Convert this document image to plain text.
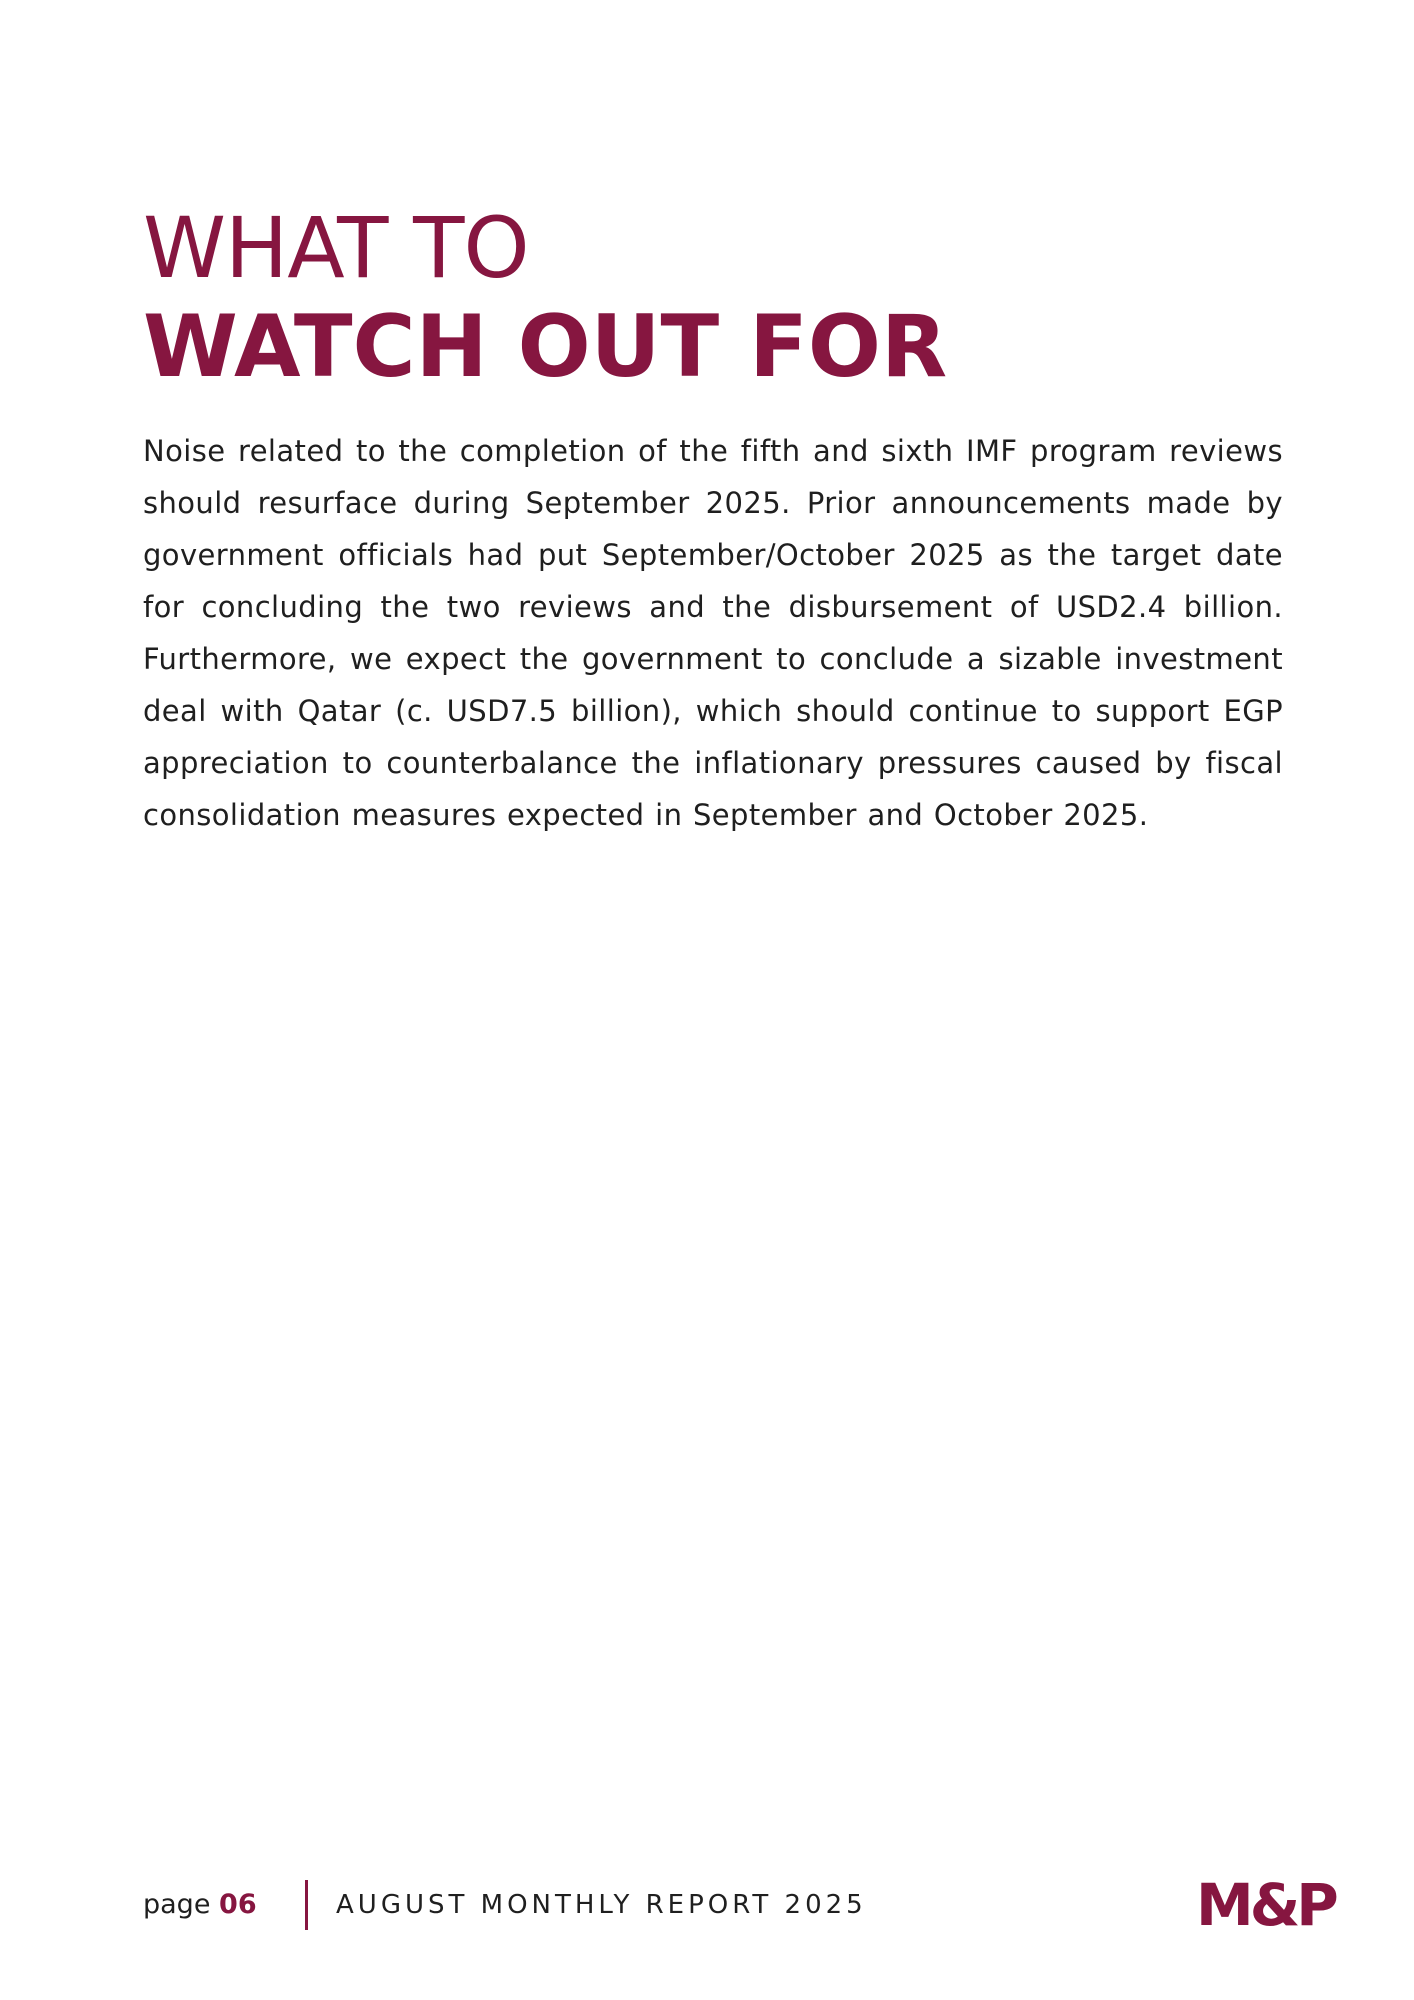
WHAT TO
WATCH OUT FOR

Noise related to the completion of the fifth and sixth IMF program reviews should resurface during September 2025. Prior announcements made by government officials had put September/October 2025 as the target date for concluding the two reviews and the disbursement of USD2.4 billion. Furthermore, we expect the government to conclude a sizable investment deal with Qatar (c. USD7.5 billion), which should continue to support EGP appreciation to counterbalance the inflationary pressures caused by fiscal consolidation measures expected in September and October 2025.

page 06	AUGUST MONTHLY REPORT 2025	M&P
